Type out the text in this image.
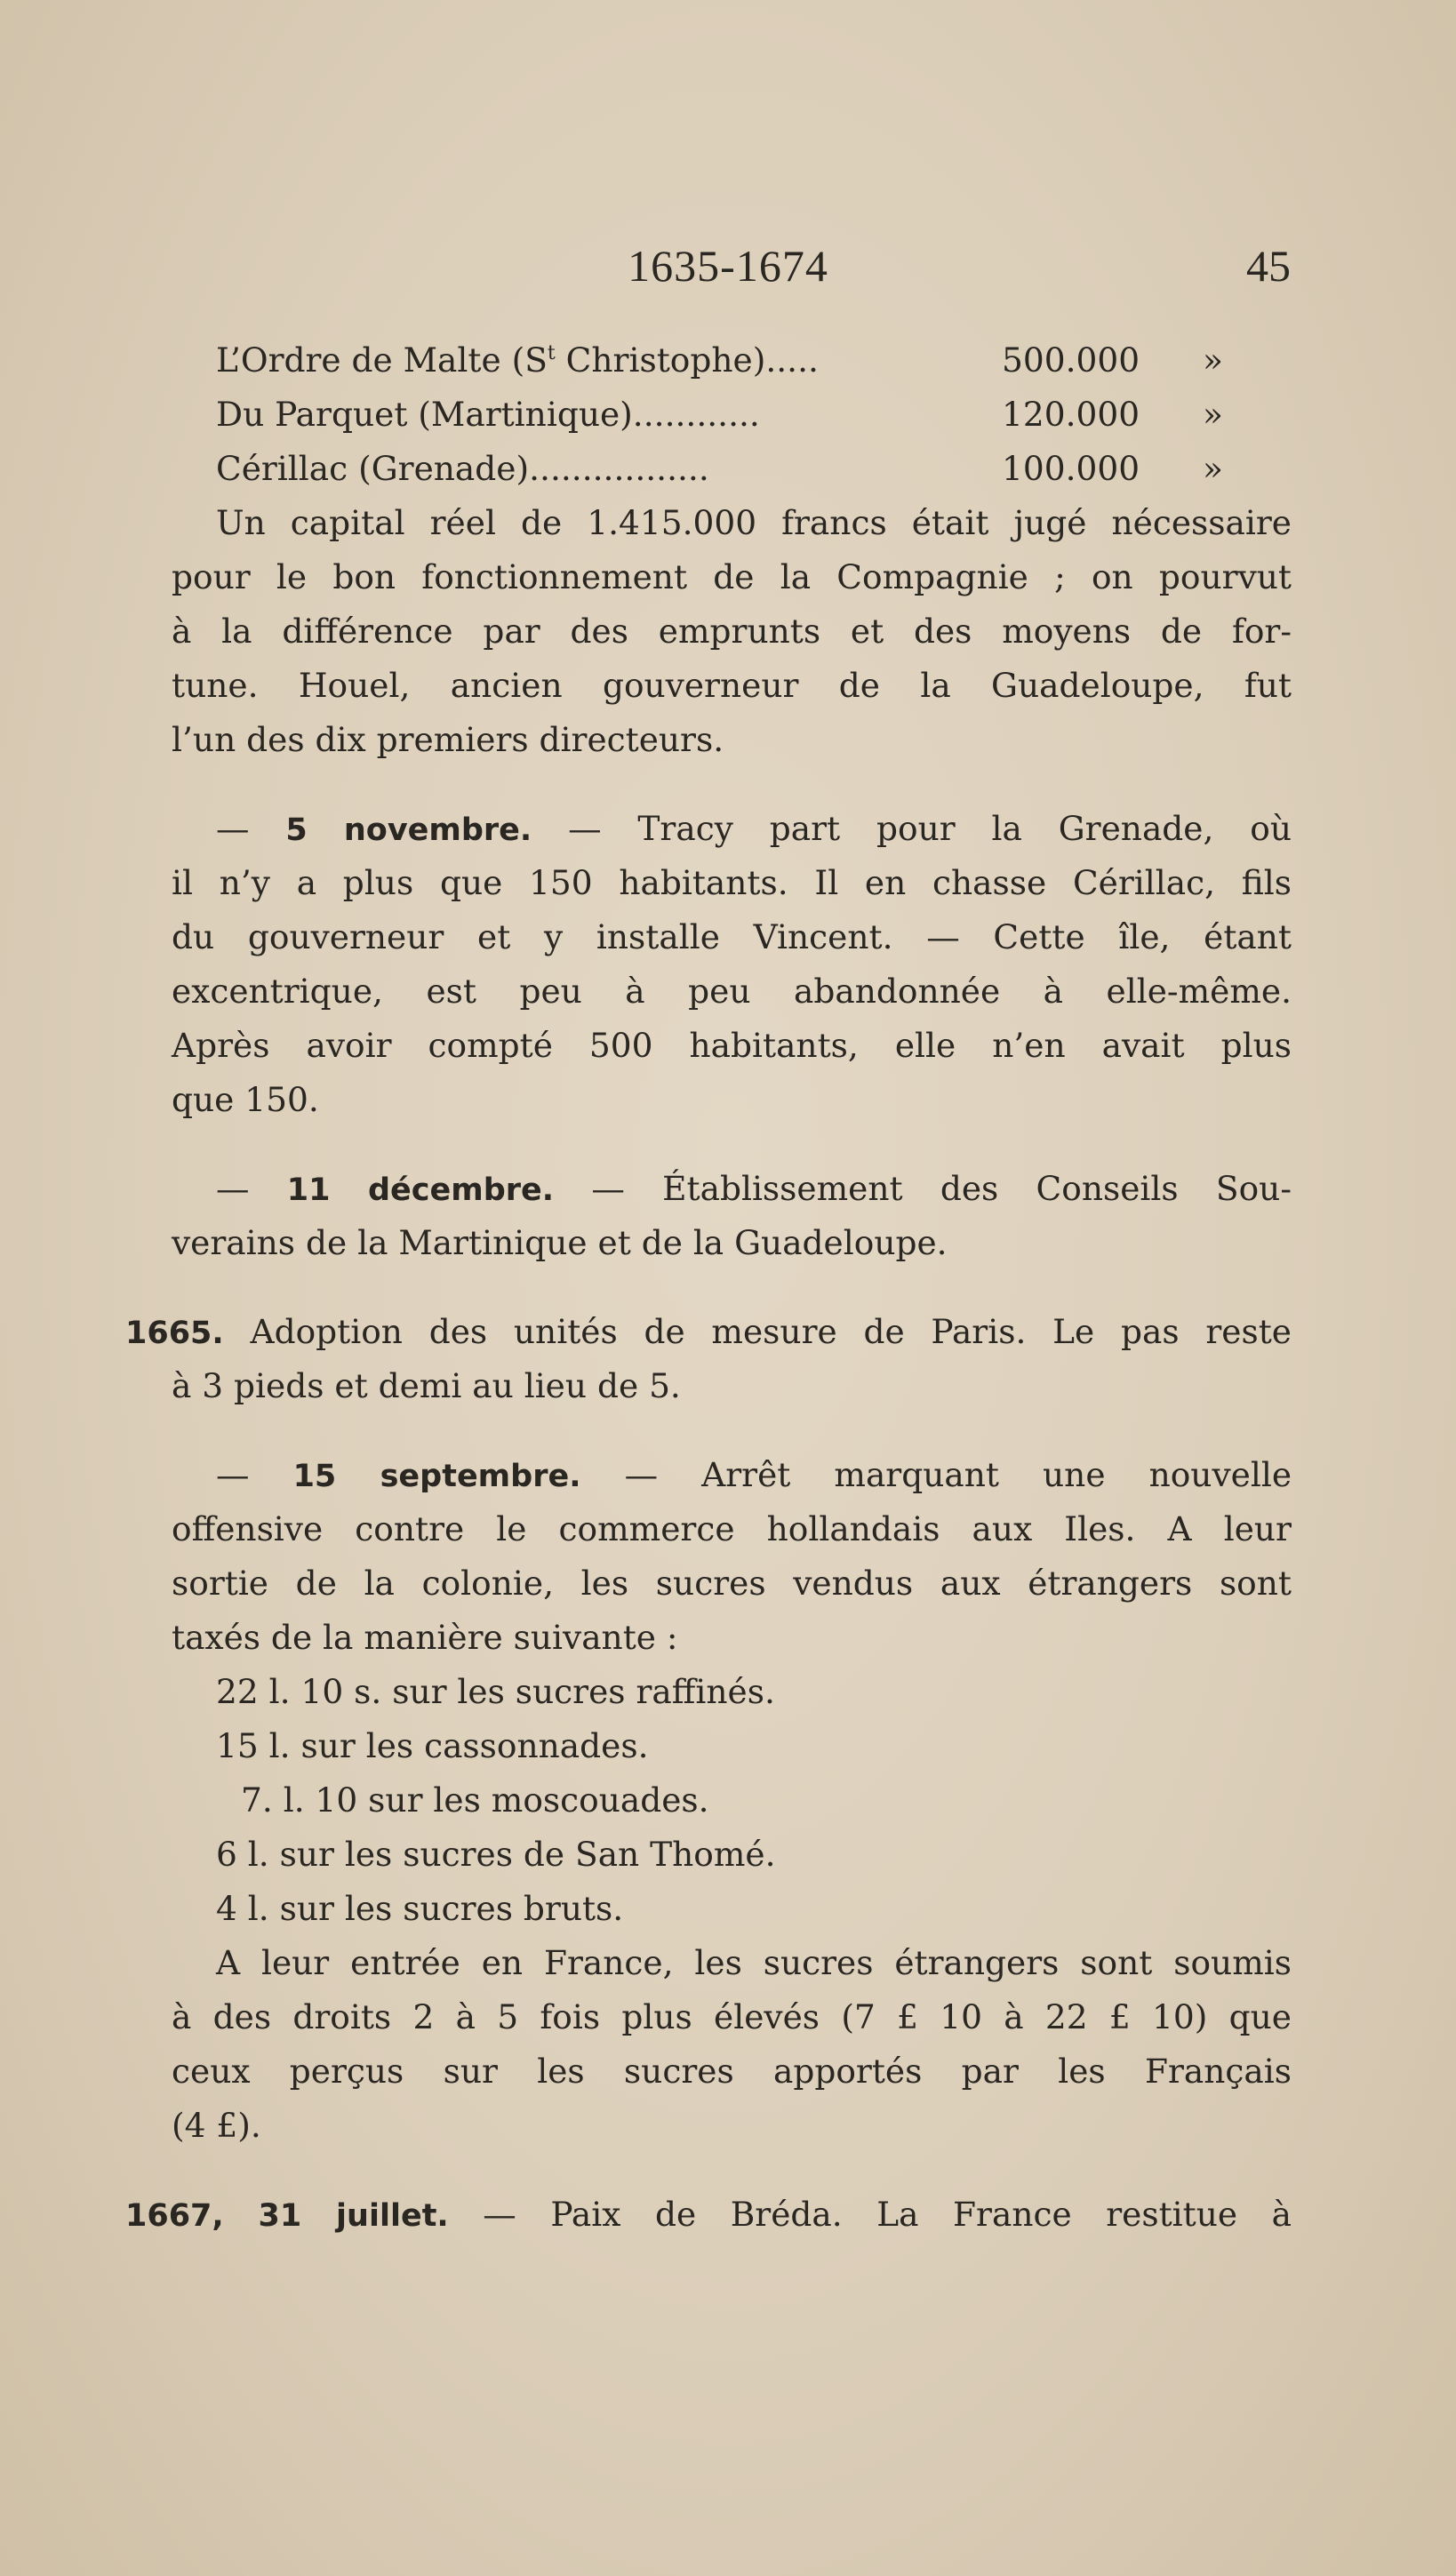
1635-1674	45
L’Ordre de Malte ($S^t$ Christophe).....	500.000 »
Du Parquet (Martinique)............	120.000 »
Cérillac (Grenade).................	100.000 »
Un capital réel de 1.415.000 francs était jugé nécessaire
pour le bon fonctionnement de la Compagnie ; on pourvut
à la différence par des emprunts et des moyens de for-
tune. Houel, ancien gouverneur de la Guadeloupe, fut
l’un des dix premiers directeurs.
— 5 novembre. — Tracy part pour la Grenade, où
il n’y a plus que 150 habitants. Il en chasse Cérillac, fils
du gouverneur et y installe Vincent. — Cette île, étant
excentrique, est peu à peu abandonnée à elle-même.
Après avoir compté 500 habitants, elle n’en avait plus
que 150.
— 11 décembre. — Établissement des Conseils Sou-
verains de la Martinique et de la Guadeloupe.
1665. Adoption des unités de mesure de Paris. Le pas reste
à 3 pieds et demi au lieu de 5.
— 15 septembre. — Arrêt marquant une nouvelle
offensive contre le commerce hollandais aux Iles. A leur
sortie de la colonie, les sucres vendus aux étrangers sont
taxés de la manière suivante :
22 l. 10 s. sur les sucres raffinés.
15 l. sur les cassonnades.
7. l. 10 sur les moscouades.
6 l. sur les sucres de San Thomé.
4 l. sur les sucres bruts.
A leur entrée en France, les sucres étrangers sont soumis
à des droits 2 à 5 fois plus élevés (7 £ 10 à 22 £ 10) que
ceux perçus sur les sucres apportés par les Français
(4 £).
1667, 31 juillet. — Paix de Bréda. La France restitue à
